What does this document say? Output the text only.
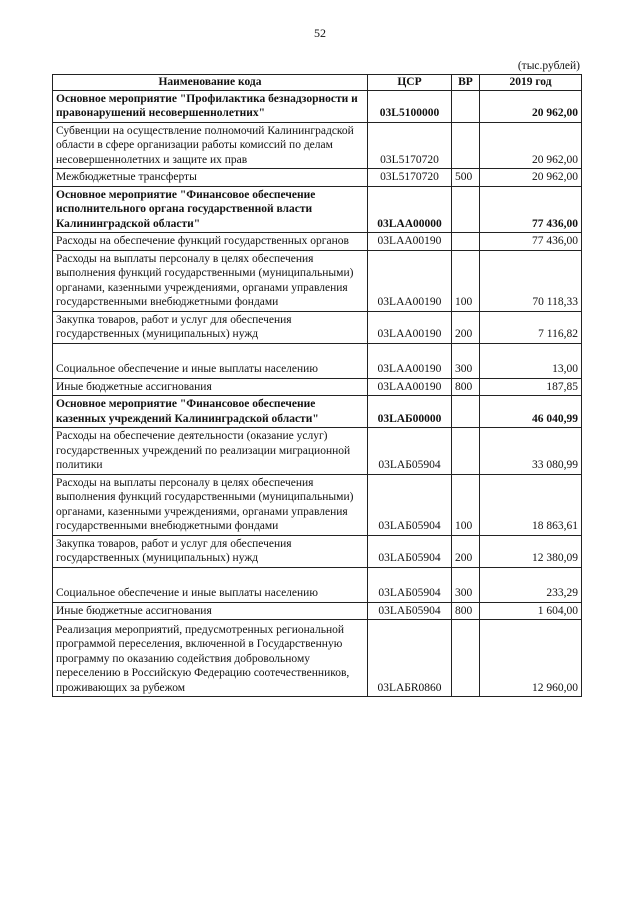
52
(тыс.рублей)
Наименование кода	ЦСР	ВР	2019 год
Основное мероприятие "Профилактика безнадзорности и правонарушений несовершеннолетних"	03L5100000		20 962,00
Субвенции на осуществление полномочий Калининградской области в сфере организации работы комиссий по делам несовершеннолетних и защите их прав	03L5170720		20 962,00
Межбюджетные трансферты	03L5170720	500	20 962,00
Основное мероприятие "Финансовое обеспечение исполнительного органа государственной власти Калининградской области"	03LAA00000		77 436,00
Расходы на обеспечение функций государственных органов	03LAA00190		77 436,00
Расходы на выплаты персоналу в целях обеспечения выполнения функций государственными (муниципальными) органами, казенными учреждениями, органами управления государственными внебюджетными фондами	03LAA00190	100	70 118,33
Закупка товаров, работ и услуг для обеспечения государственных (муниципальных) нужд	03LAA00190	200	7 116,82
Социальное обеспечение и иные выплаты населению	03LAA00190	300	13,00
Иные бюджетные ассигнования	03LAA00190	800	187,85
Основное мероприятие "Финансовое обеспечение казенных учреждений Калининградской области"	03LAБ00000		46 040,99
Расходы на обеспечение деятельности (оказание услуг) государственных учреждений по реализации миграционной политики	03LAБ05904		33 080,99
Расходы на выплаты персоналу в целях обеспечения выполнения функций государственными (муниципальными) органами, казенными учреждениями, органами управления государственными внебюджетными фондами	03LAБ05904	100	18 863,61
Закупка товаров, работ и услуг для обеспечения государственных (муниципальных) нужд	03LAБ05904	200	12 380,09
Социальное обеспечение и иные выплаты населению	03LAБ05904	300	233,29
Иные бюджетные ассигнования	03LAБ05904	800	1 604,00
Реализация мероприятий, предусмотренных региональной программой переселения, включенной в Государственную программу по оказанию содействия добровольному переселению в Российскую Федерацию соотечественников, проживающих за рубежом	03LAБR0860		12 960,00
